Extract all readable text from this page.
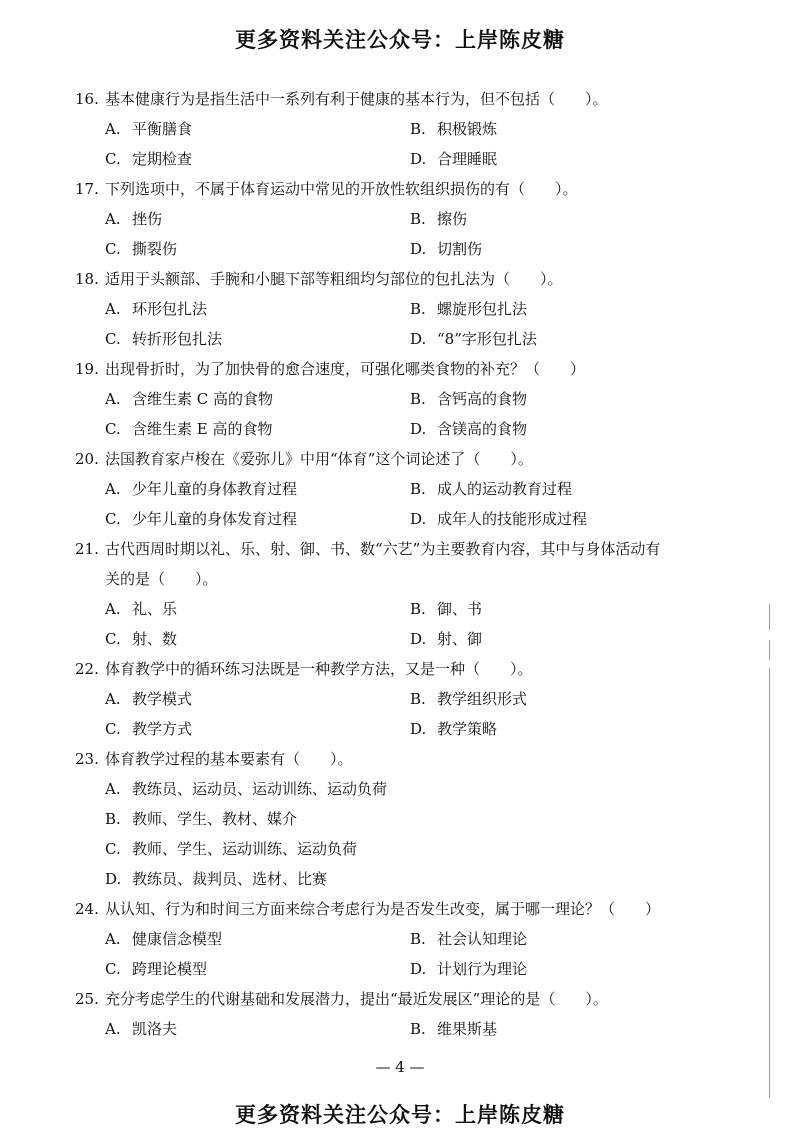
更多资料关注公众号：上岸陈皮糖
16. 基本健康行为是指生活中一系列有利于健康的基本行为，但不包括（　　）。
A. 平衡膳食	B. 积极锻炼
C. 定期检查	D. 合理睡眠
17. 下列选项中，不属于体育运动中常见的开放性软组织损伤的有（　　）。
A. 挫伤	B. 擦伤
C. 撕裂伤	D. 切割伤
18. 适用于头额部、手腕和小腿下部等粗细均匀部位的包扎法为（　　）。
A. 环形包扎法	B. 螺旋形包扎法
C. 转折形包扎法	D. “8”字形包扎法
19. 出现骨折时，为了加快骨的愈合速度，可强化哪类食物的补充？（　　）
A. 含维生素 C 高的食物	B. 含钙高的食物
C. 含维生素 E 高的食物	D. 含镁高的食物
20. 法国教育家卢梭在《爱弥儿》中用“体育”这个词论述了（　　）。
A. 少年儿童的身体教育过程	B. 成人的运动教育过程
C. 少年儿童的身体发育过程	D. 成年人的技能形成过程
21. 古代西周时期以礼、乐、射、御、书、数“六艺”为主要教育内容，其中与身体活动有
关的是（　　）。
A. 礼、乐	B. 御、书
C. 射、数	D. 射、御
22. 体育教学中的循环练习法既是一种教学方法，又是一种（　　）。
A. 教学模式	B. 教学组织形式
C. 教学方式	D. 教学策略
23. 体育教学过程的基本要素有（　　）。
A. 教练员、运动员、运动训练、运动负荷
B. 教师、学生、教材、媒介
C. 教师、学生、运动训练、运动负荷
D. 教练员、裁判员、选材、比赛
24. 从认知、行为和时间三方面来综合考虑行为是否发生改变，属于哪一理论？（　　）
A. 健康信念模型	B. 社会认知理论
C. 跨理论模型	D. 计划行为理论
25. 充分考虑学生的代谢基础和发展潜力，提出“最近发展区”理论的是（　　）。
A. 凯洛夫	B. 维果斯基
— 4 —
更多资料关注公众号：上岸陈皮糖
